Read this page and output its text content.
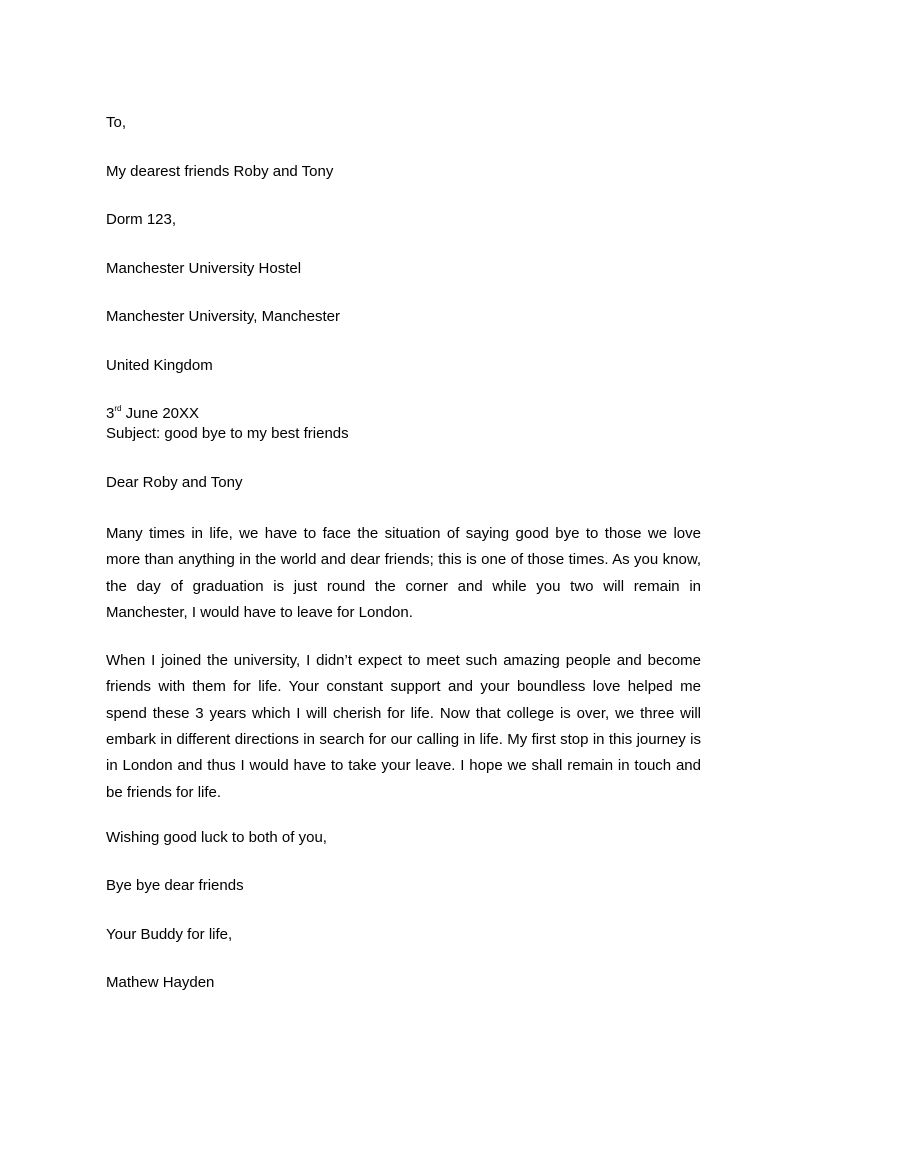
To,

My dearest friends Roby and Tony

Dorm 123,

Manchester University Hostel

Manchester University, Manchester

United Kingdom

3rd June 20XX

Subject: good bye to my best friends

Dear Roby and Tony

Many times in life, we have to face the situation of saying good bye to those we love more than anything in the world and dear friends; this is one of those times. As you know, the day of graduation is just round the corner and while you two will remain in Manchester, I would have to leave for London.

When I joined the university, I didn’t expect to meet such amazing people and become friends with them for life. Your constant support and your boundless love helped me spend these 3 years which I will cherish for life. Now that college is over, we three will embark in different directions in search for our calling in life. My first stop in this journey is in London and thus I would have to take your leave. I hope we shall remain in touch and be friends for life.

Wishing good luck to both of you,

Bye bye dear friends

Your Buddy for life,

Mathew Hayden
